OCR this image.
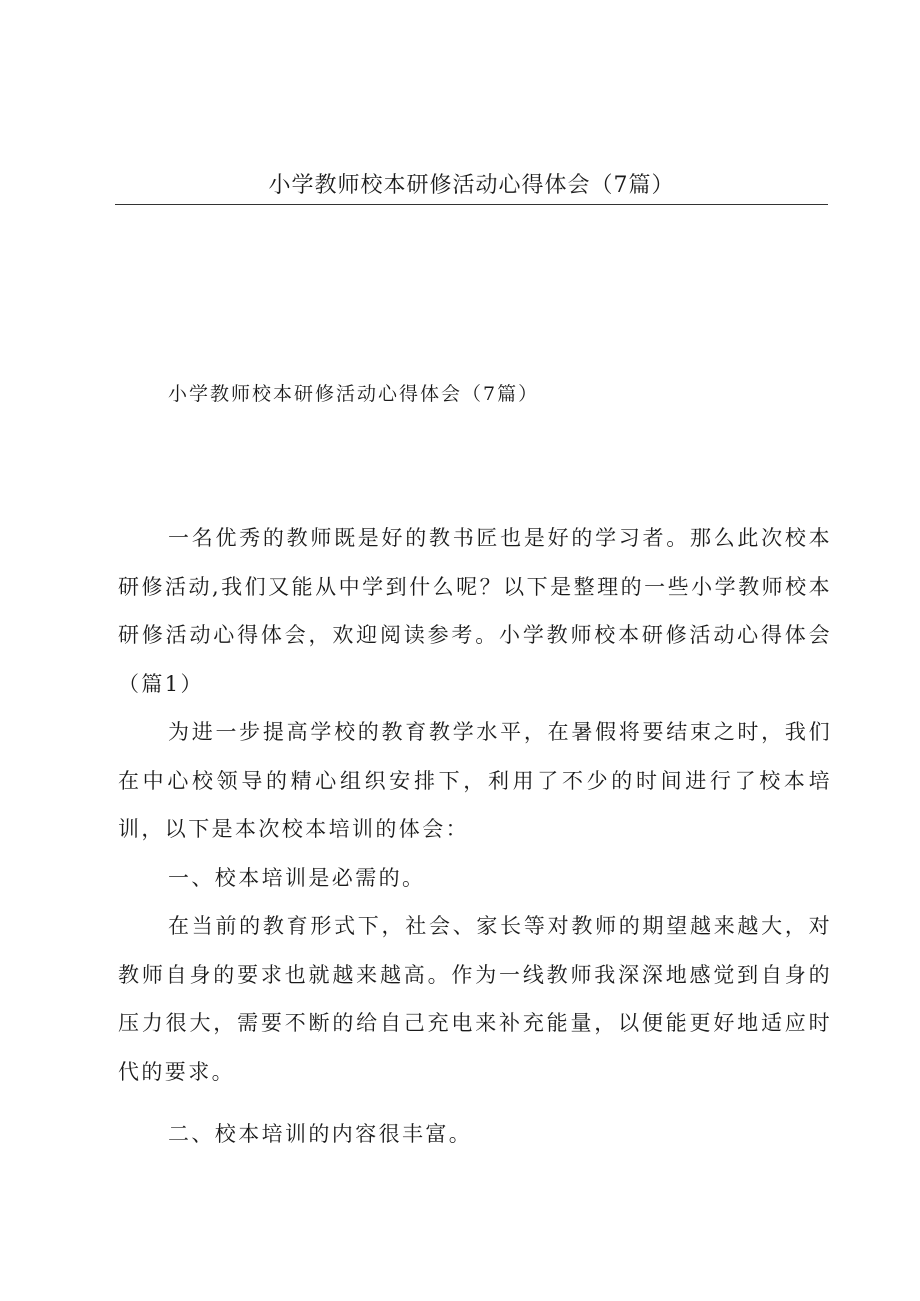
小学教师校本研修活动心得体会（7篇）
小学教师校本研修活动心得体会（7篇）

一名优秀的教师既是好的教书匠也是好的学习者。那么此次校本研修活动,我们又能从中学到什么呢？以下是整理的一些小学教师校本研修活动心得体会，欢迎阅读参考。小学教师校本研修活动心得体会（篇1）

为进一步提高学校的教育教学水平，在暑假将要结束之时，我们在中心校领导的精心组织安排下，利用了不少的时间进行了校本培训，以下是本次校本培训的体会：

一、校本培训是必需的。

在当前的教育形式下，社会、家长等对教师的期望越来越大，对教师自身的要求也就越来越高。作为一线教师我深深地感觉到自身的压力很大，需要不断的给自己充电来补充能量，以便能更好地适应时代的要求。

二、校本培训的内容很丰富。
